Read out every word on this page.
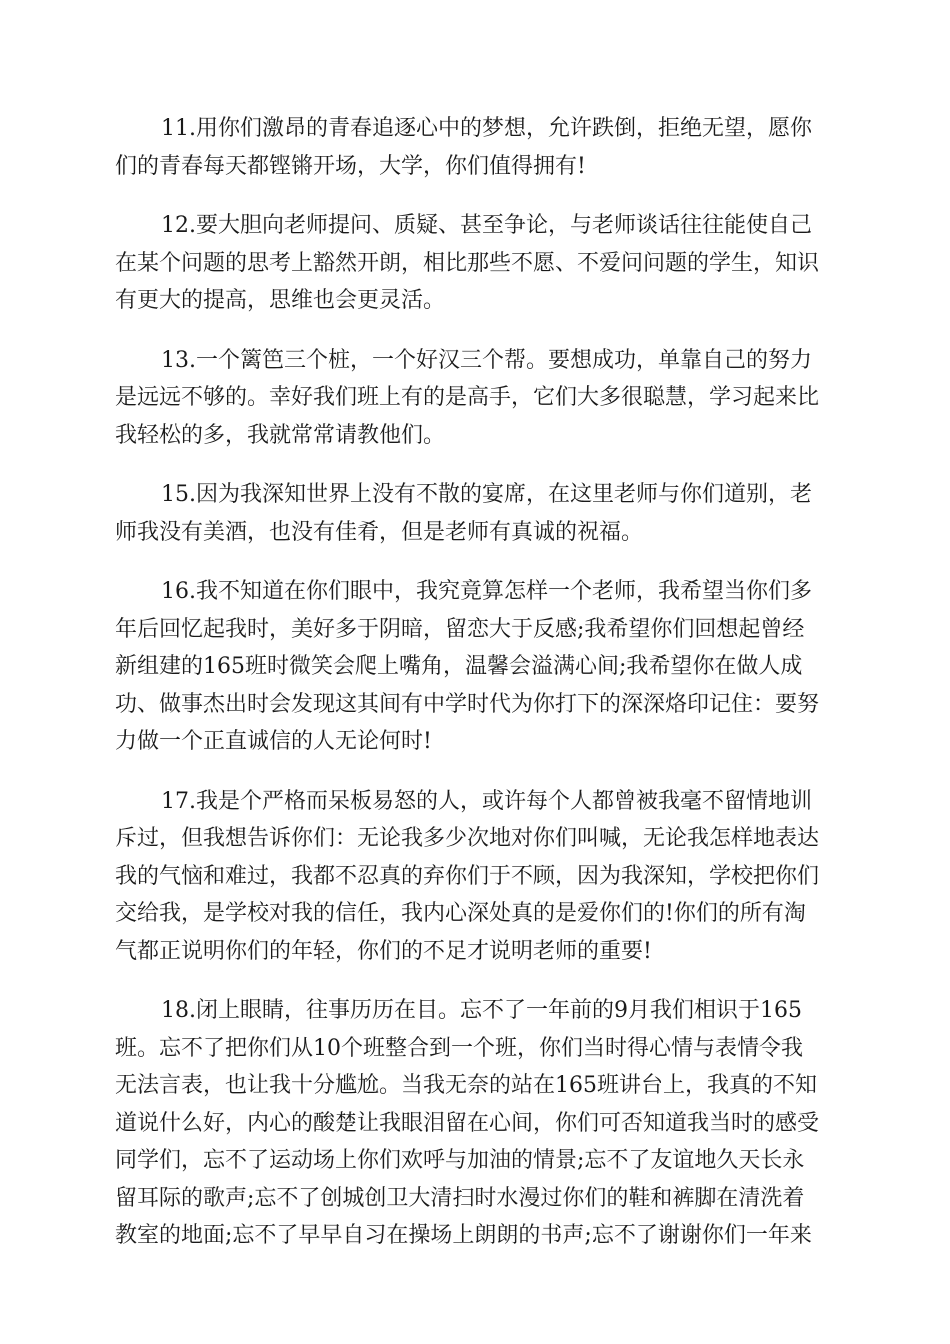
11.用你们激昂的青春追逐心中的梦想，允许跌倒，拒绝无望，愿你
们的青春每天都铿锵开场，大学，你们值得拥有!
12.要大胆向老师提问、质疑、甚至争论，与老师谈话往往能使自己
在某个问题的思考上豁然开朗，相比那些不愿、不爱问问题的学生，知识
有更大的提高，思维也会更灵活。
13.一个篱笆三个桩，一个好汉三个帮。要想成功，单靠自己的努力
是远远不够的。幸好我们班上有的是高手，它们大多很聪慧，学习起来比
我轻松的多，我就常常请教他们。
15.因为我深知世界上没有不散的宴席，在这里老师与你们道别，老
师我没有美酒，也没有佳肴，但是老师有真诚的祝福。
16.我不知道在你们眼中，我究竟算怎样一个老师，我希望当你们多
年后回忆起我时，美好多于阴暗，留恋大于反感;我希望你们回想起曾经
新组建的165班时微笑会爬上嘴角，温馨会溢满心间;我希望你在做人成
功、做事杰出时会发现这其间有中学时代为你打下的深深烙印记住：要努
力做一个正直诚信的人无论何时!
17.我是个严格而呆板易怒的人，或许每个人都曾被我毫不留情地训
斥过，但我想告诉你们：无论我多少次地对你们叫喊，无论我怎样地表达
我的气恼和难过，我都不忍真的弃你们于不顾，因为我深知，学校把你们
交给我，是学校对我的信任，我内心深处真的是爱你们的!你们的所有淘
气都正说明你们的年轻，你们的不足才说明老师的重要!
18.闭上眼睛，往事历历在目。忘不了一年前的9月我们相识于165
班。忘不了把你们从10个班整合到一个班，你们当时得心情与表情令我
无法言表，也让我十分尴尬。当我无奈的站在165班讲台上，我真的不知
道说什么好，内心的酸楚让我眼泪留在心间，你们可否知道我当时的感受
同学们，忘不了运动场上你们欢呼与加油的情景;忘不了友谊地久天长永
留耳际的歌声;忘不了创城创卫大清扫时水漫过你们的鞋和裤脚在清洗着
教室的地面;忘不了早早自习在操场上朗朗的书声;忘不了谢谢你们一年来
